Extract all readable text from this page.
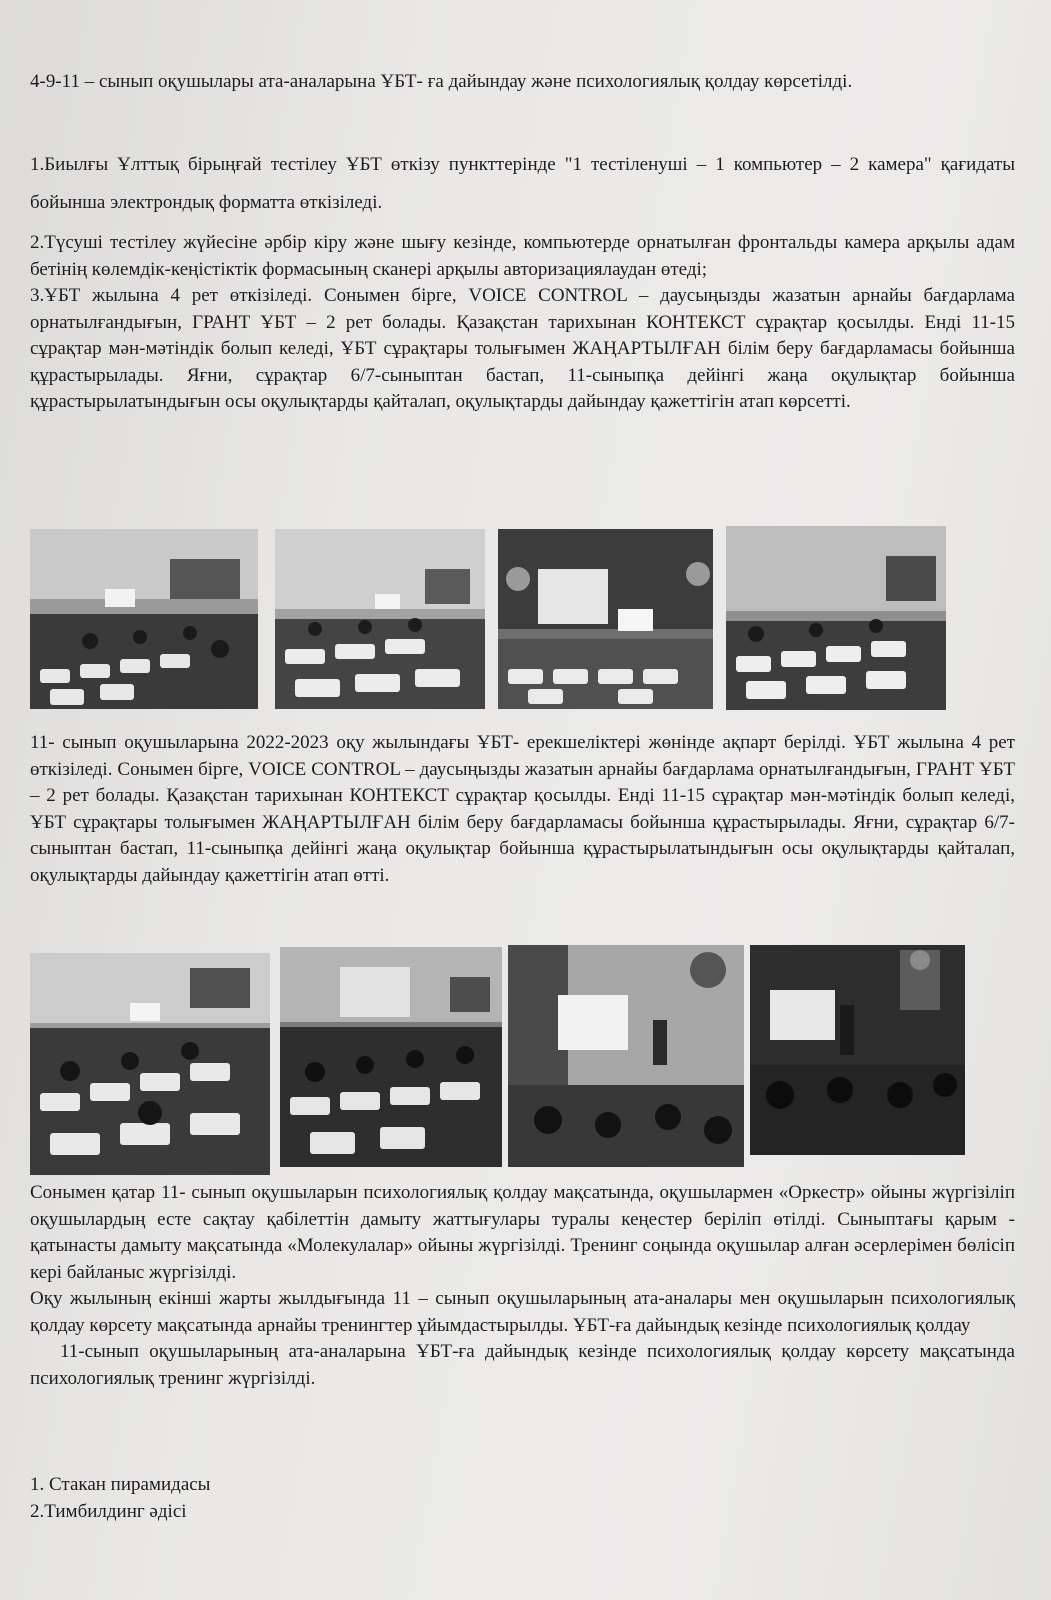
4-9-11 – сынып оқушылары ата-аналарына ҰБТ- ға дайындау және психологиялық қолдау көрсетілді.

1.Биылғы Ұлттық бірыңғай тестілеу ҰБТ өткізу пункттерінде "1 тестіленуші – 1 компьютер – 2 камера" қағидаты бойынша электрондық форматта өткізіледі.

2.Түсуші тестілеу жүйесіне әрбір кіру және шығу кезінде, компьютерде орнатылған фронтальды камера арқылы адам бетінің көлемдік-кеңістіктік формасының сканері арқылы авторизациялаудан өтеді;

3.ҰБТ жылына 4 рет өткізіледі. Сонымен бірге, VOICE CONTROL – даусыңызды жазатын арнайы бағдарлама орнатылғандығын, ГРАНТ ҰБТ – 2 рет болады. Қазақстан тарихынан КОНТЕКСТ сұрақтар қосылды. Енді 11-15 сұрақтар мән-мәтіндік болып келеді, ҰБТ сұрақтары толығымен ЖАҢАРТЫЛҒАН білім беру бағдарламасы бойынша құрастырылады. Яғни, сұрақтар 6/7-сыныптан бастап, 11-сыныпқа дейінгі жаңа оқулықтар бойынша құрастырылатындығын осы оқулықтарды қайталап, оқулықтарды дайындау қажеттігін атап көрсетті.

11- сынып оқушыларына 2022-2023 оқу жылындағы ҰБТ- ерекшеліктері жөнінде ақпарт берілді. ҰБТ жылына 4 рет өткізіледі. Сонымен бірге, VOICE CONTROL – даусыңызды жазатын арнайы бағдарлама орнатылғандығын, ГРАНТ ҰБТ – 2 рет болады. Қазақстан тарихынан КОНТЕКСТ сұрақтар қосылды. Енді 11-15 сұрақтар мән-мәтіндік болып келеді, ҰБТ сұрақтары толығымен ЖАҢАРТЫЛҒАН білім беру бағдарламасы бойынша құрастырылады. Яғни, сұрақтар 6/7-сыныптан бастап, 11-сыныпқа дейінгі жаңа оқулықтар бойынша құрастырылатындығын осы оқулықтарды қайталап, оқулықтарды дайындау қажеттігін атап өтті.

Сонымен қатар 11- сынып оқушыларын психологиялық қолдау мақсатында, оқушылармен «Оркестр» ойыны жүргізіліп оқушылардың есте сақтау қабілеттін дамыту жаттығулары туралы кеңестер беріліп өтілді. Сыныптағы қарым - қатынасты дамыту мақсатында «Молекулалар» ойыны жүргізілді. Тренинг соңында оқушылар алған әсерлерімен бөлісіп кері байланыс жүргізілді.

Оқу жылының екінші жарты жылдығында 11 – сынып оқушыларының ата-аналары мен оқушыларын психологиялық қолдау көрсету мақсатында арнайы тренингтер ұйымдастырылды. ҰБТ-ға дайындық кезінде психологиялық қолдау

11-сынып оқушыларының ата-аналарына ҰБТ-ға дайындық кезінде психологиялық қолдау көрсету мақсатында психологиялық тренинг жүргізілді.

1. Стакан пирамидасы

2.Тимбилдинг әдісі
